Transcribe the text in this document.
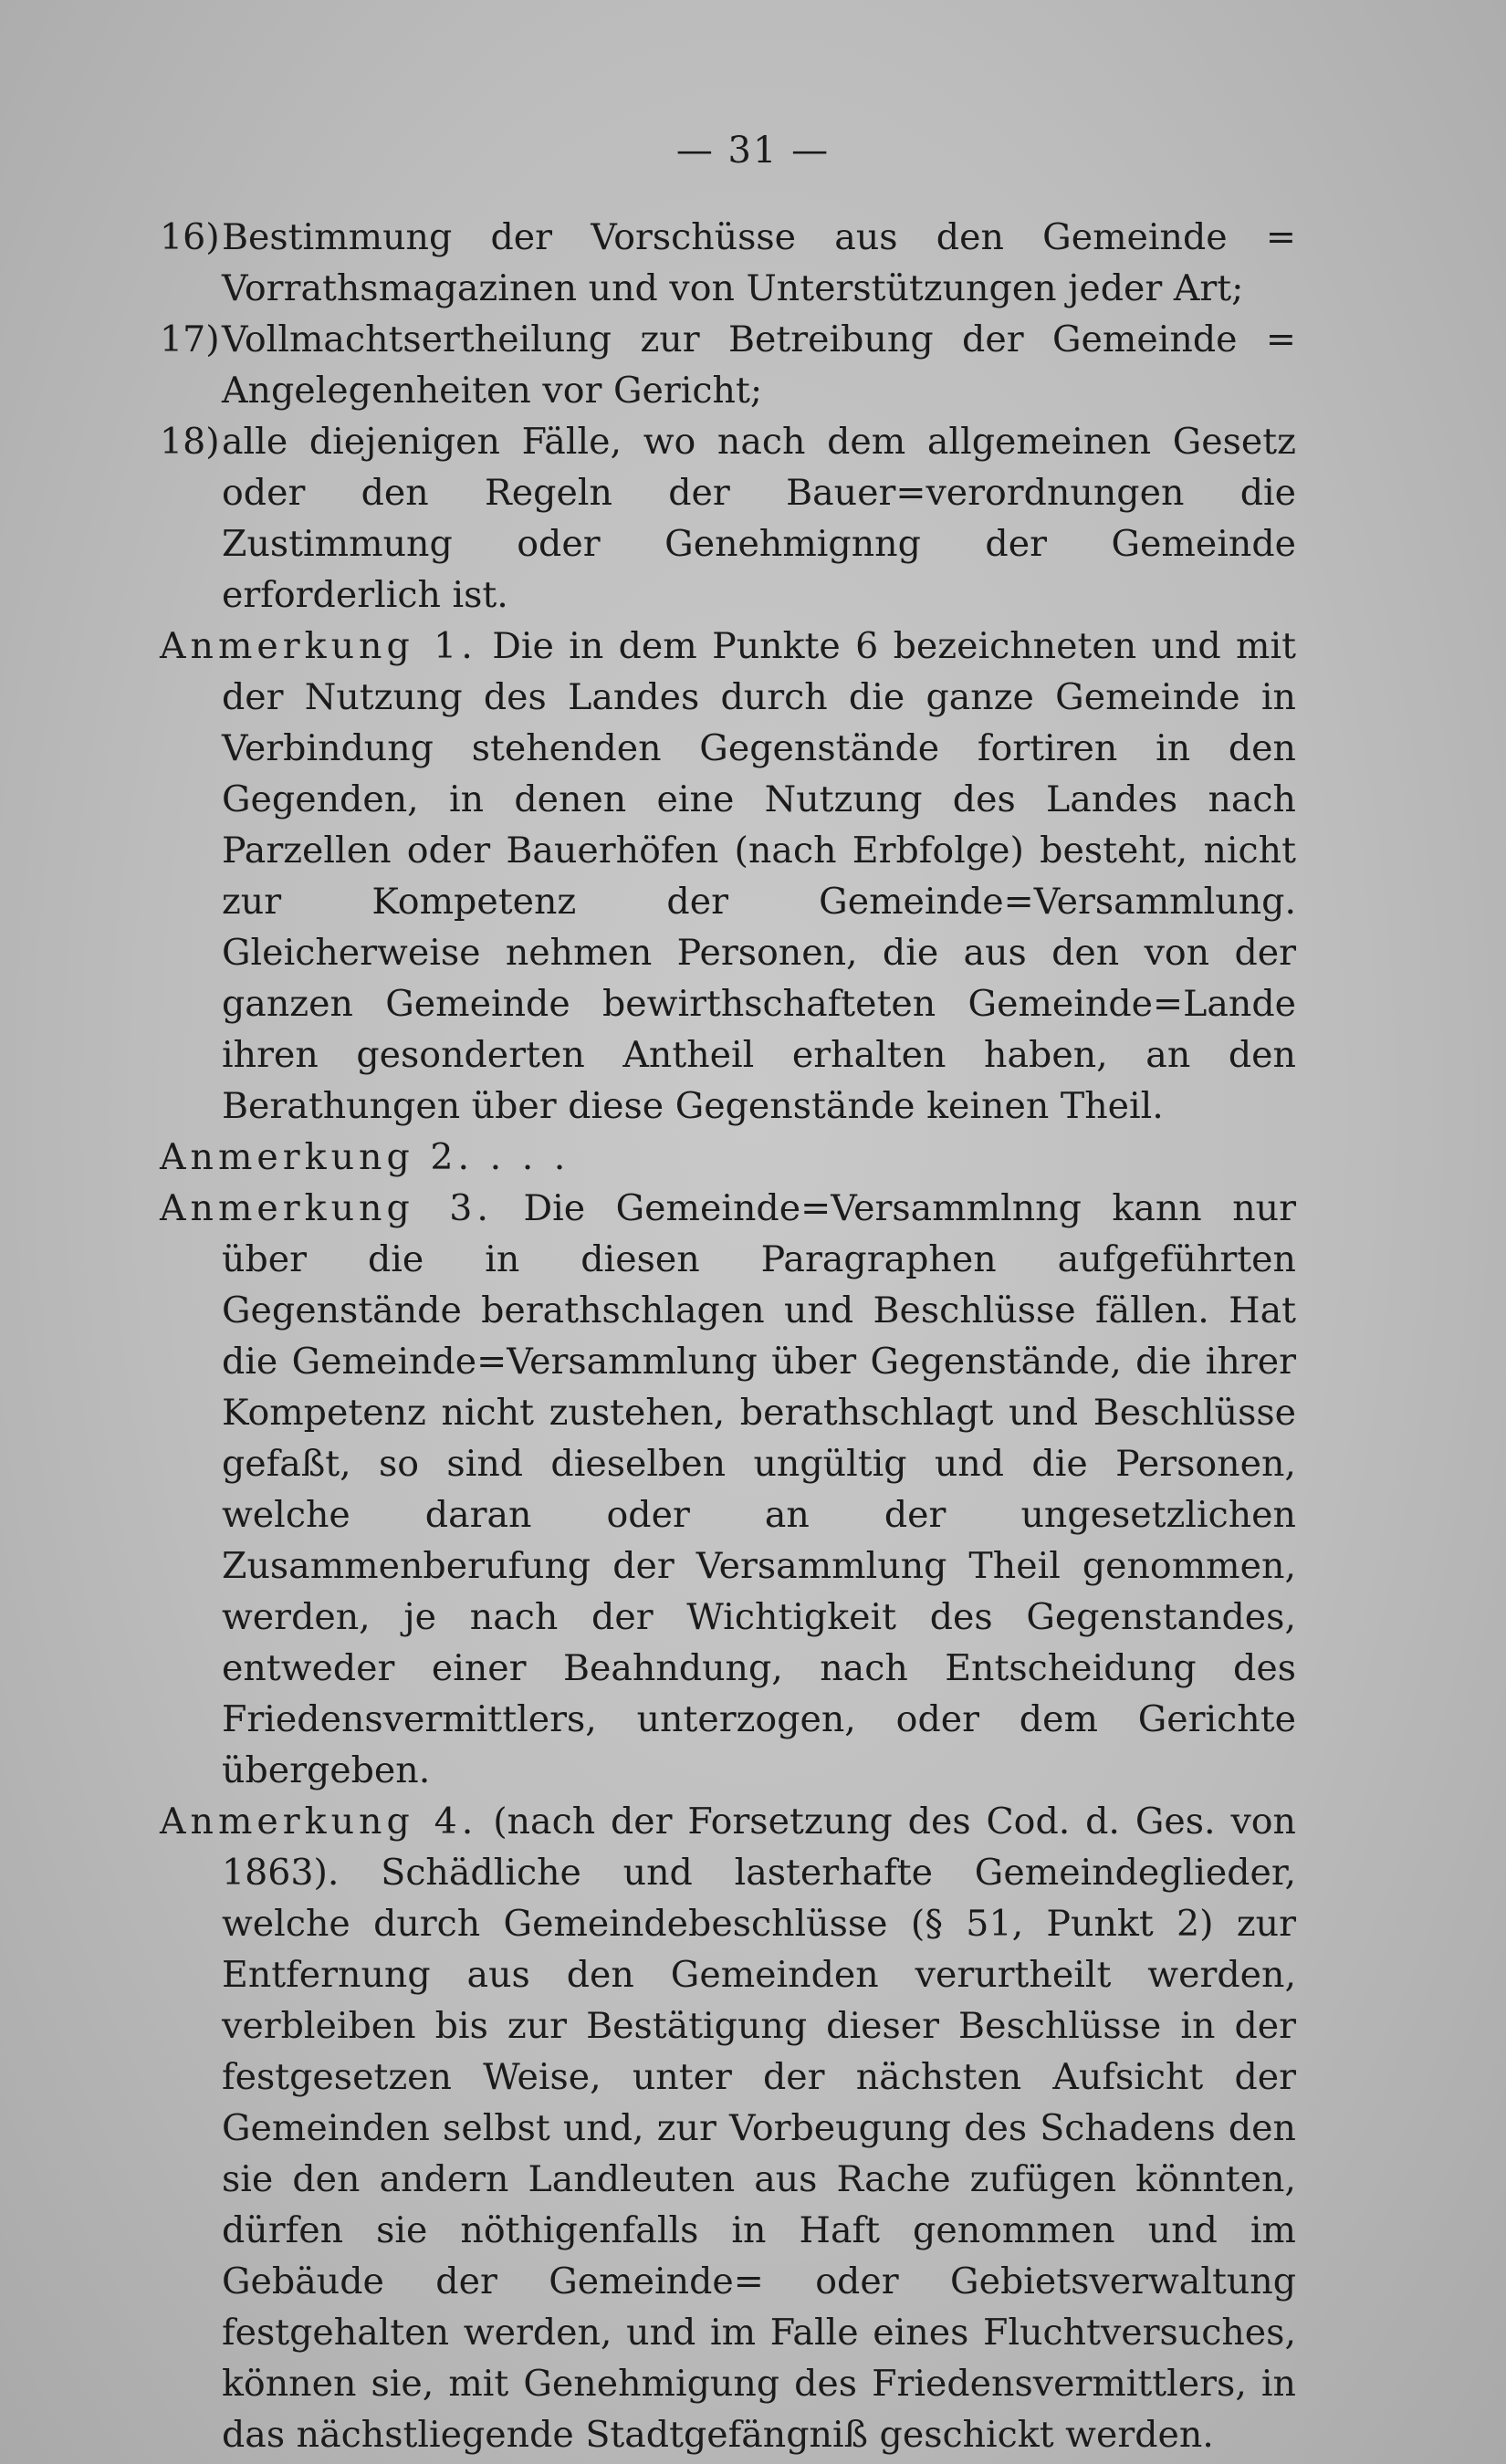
— 31 —
16) Bestimmung der Vorschüsse aus den Gemeinde = Vorrathsmagazinen und von Unterstützungen jeder Art;
17) Vollmachtsertheilung zur Betreibung der Gemeinde = Angelegenheiten vor Gericht;
18) alle diejenigen Fälle, wo nach dem allgemeinen Gesetz oder den Regeln der Bauer=verordnungen die Zustimmung oder Genehmignng der Gemeinde erforderlich ist.

Anmerkung 1. Die in dem Punkte 6 bezeichneten und mit der Nutzung des Landes durch die ganze Gemeinde in Verbindung stehenden Gegenstände fortiren in den Gegenden, in denen eine Nutzung des Landes nach Parzellen oder Bauerhöfen (nach Erbfolge) besteht, nicht zur Kompetenz der Gemeinde=Versammlung. Gleicherweise nehmen Personen, die aus den von der ganzen Gemeinde bewirthschafteten Gemeinde=Lande ihren gesonderten Antheil erhalten haben, an den Berathungen über diese Gegenstände keinen Theil.

Anmerkung 2. . . .

Anmerkung 3. Die Gemeinde=Versammlnng kann nur über die in diesen Paragraphen aufgeführten Gegenstände berathschlagen und Beschlüsse fällen. Hat die Gemeinde=Versammlung über Gegenstände, die ihrer Kompetenz nicht zustehen, berathschlagt und Beschlüsse gefaßt, so sind dieselben ungültig und die Personen, welche daran oder an der ungesetzlichen Zusammenberufung der Versammlung Theil genommen, werden, je nach der Wichtigkeit des Gegenstandes, entweder einer Beahndung, nach Entscheidung des Friedensvermittlers, unterzogen, oder dem Gerichte übergeben.

Anmerkung 4. (nach der Forsetzung des Cod. d. Ges. von 1863). Schädliche und lasterhafte Gemeindeglieder, welche durch Gemeindebeschlüsse (§ 51, Punkt 2) zur Entfernung aus den Gemeinden verurtheilt werden, verbleiben bis zur Bestätigung dieser Beschlüsse in der festgesetzen Weise, unter der nächsten Aufsicht der Gemeinden selbst und, zur Vorbeugung des Schadens den sie den andern Landleuten aus Rache zufügen könnten, dürfen sie nöthigenfalls in Haft genommen und im Gebäude der Gemeinde= oder Gebietsverwaltung festgehalten werden, und im Falle eines Fluchtversuches, können sie, mit Genehmigung des Friedensvermittlers, in das nächstliegende Stadtgefängniß geschickt werden.
